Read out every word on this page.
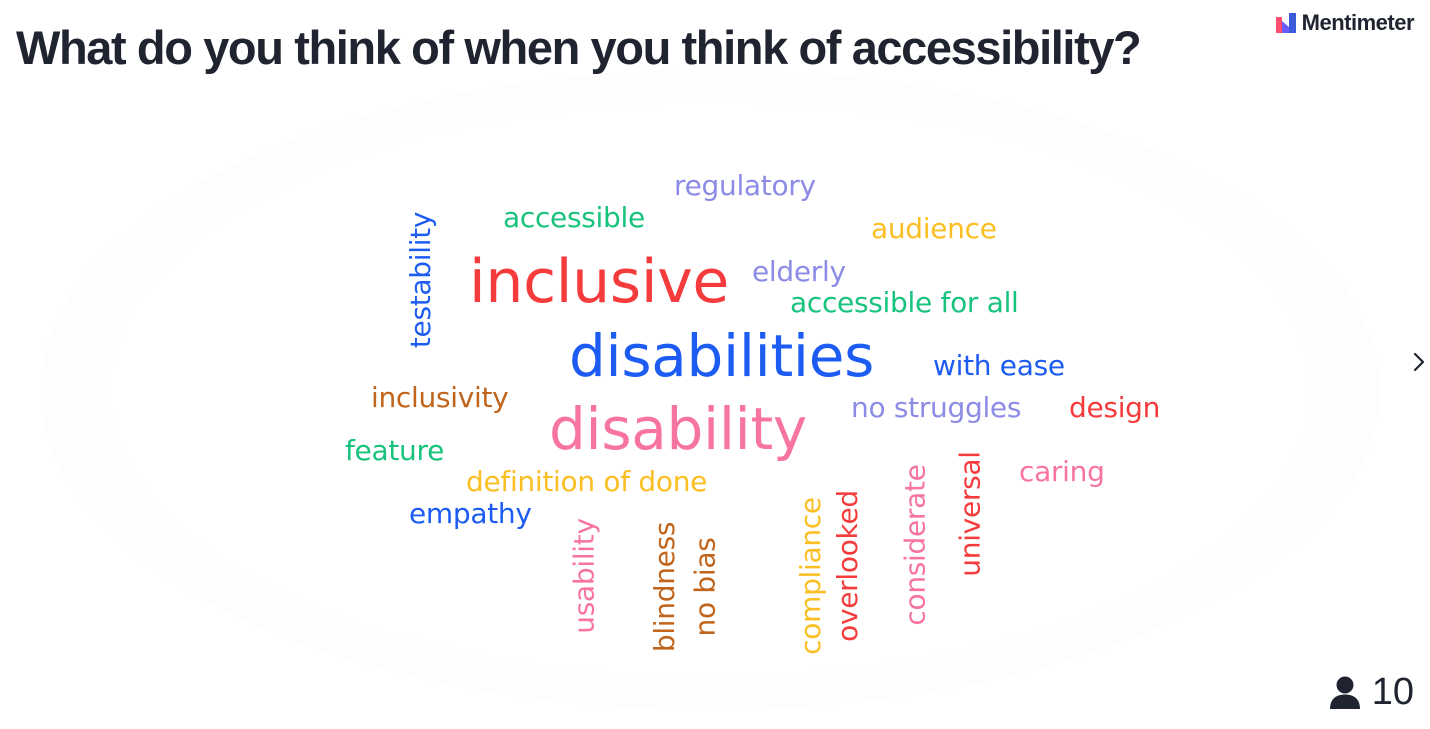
What do you think of when you think of accessibility?	Mentimeter
regulatory
accessible	audience
testability inclusive elderly
accessible for all
disabilities with ease
inclusivity	no struggles design
disability
feature
caring
definition of done
empathy	universal
considerate
overlooked
compliance
no bias
blindness
usability
10
